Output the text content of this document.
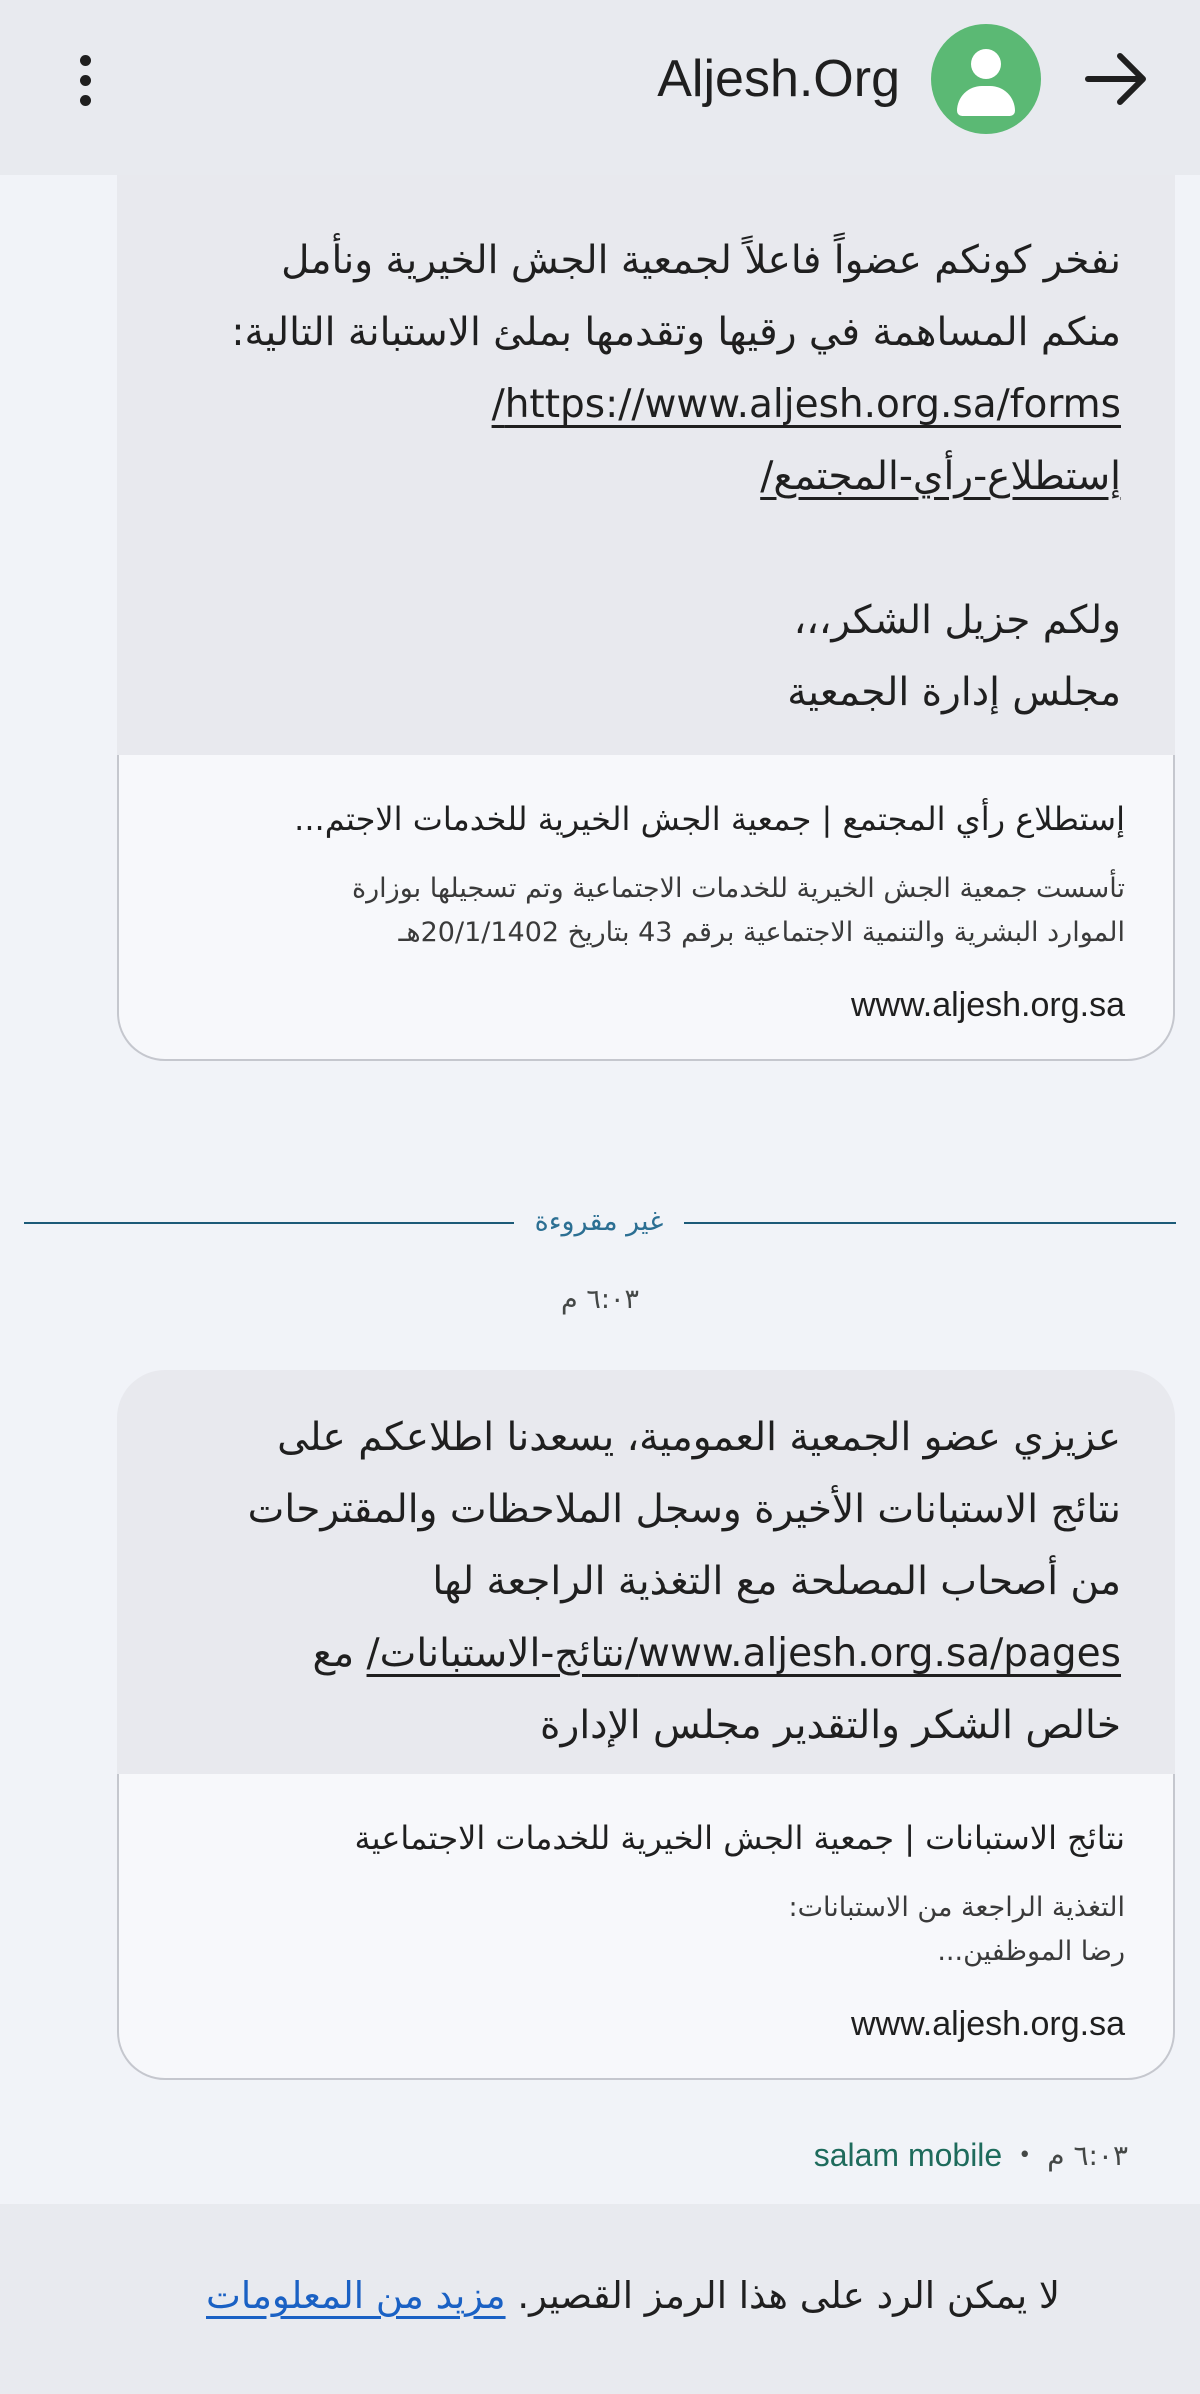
Aljesh.Org
نفخر كونكم عضواً فاعلاً لجمعية الجش الخيرية ونأمل
منكم المساهمة في رقيها وتقدمها بملئ الاستبانة التالية:
https://www.aljesh.org.sa/forms/
إستطلاع-رأي-المجتمع/

ولكم جزيل الشكر،،،
مجلس إدارة الجمعية
إستطلاع رأي المجتمع | جمعية الجش الخيرية للخدمات الاجتم...
تأسست جمعية الجش الخيرية للخدمات الاجتماعية وتم تسجيلها بوزارة
الموارد البشرية والتنمية الاجتماعية برقم 43 بتاريخ 20/1/1402هـ
www.aljesh.org.sa
غير مقروءة
٦:٠٣ م
عزيزي عضو الجمعية العمومية، يسعدنا اطلاعكم على
نتائج الاستبانات الأخيرة وسجل الملاحظات والمقترحات
من أصحاب المصلحة مع التغذية الراجعة لها
www.aljesh.org.sa/pages/نتائج-الاستبانات/ مع
خالص الشكر والتقدير مجلس الإدارة
نتائج الاستبانات | جمعية الجش الخيرية للخدمات الاجتماعية
التغذية الراجعة من الاستبانات:
رضا الموظفين...
www.aljesh.org.sa
٦:٠٣ م
•
salam mobile
لا يمكن الرد على هذا الرمز القصير. مزيد من المعلومات
